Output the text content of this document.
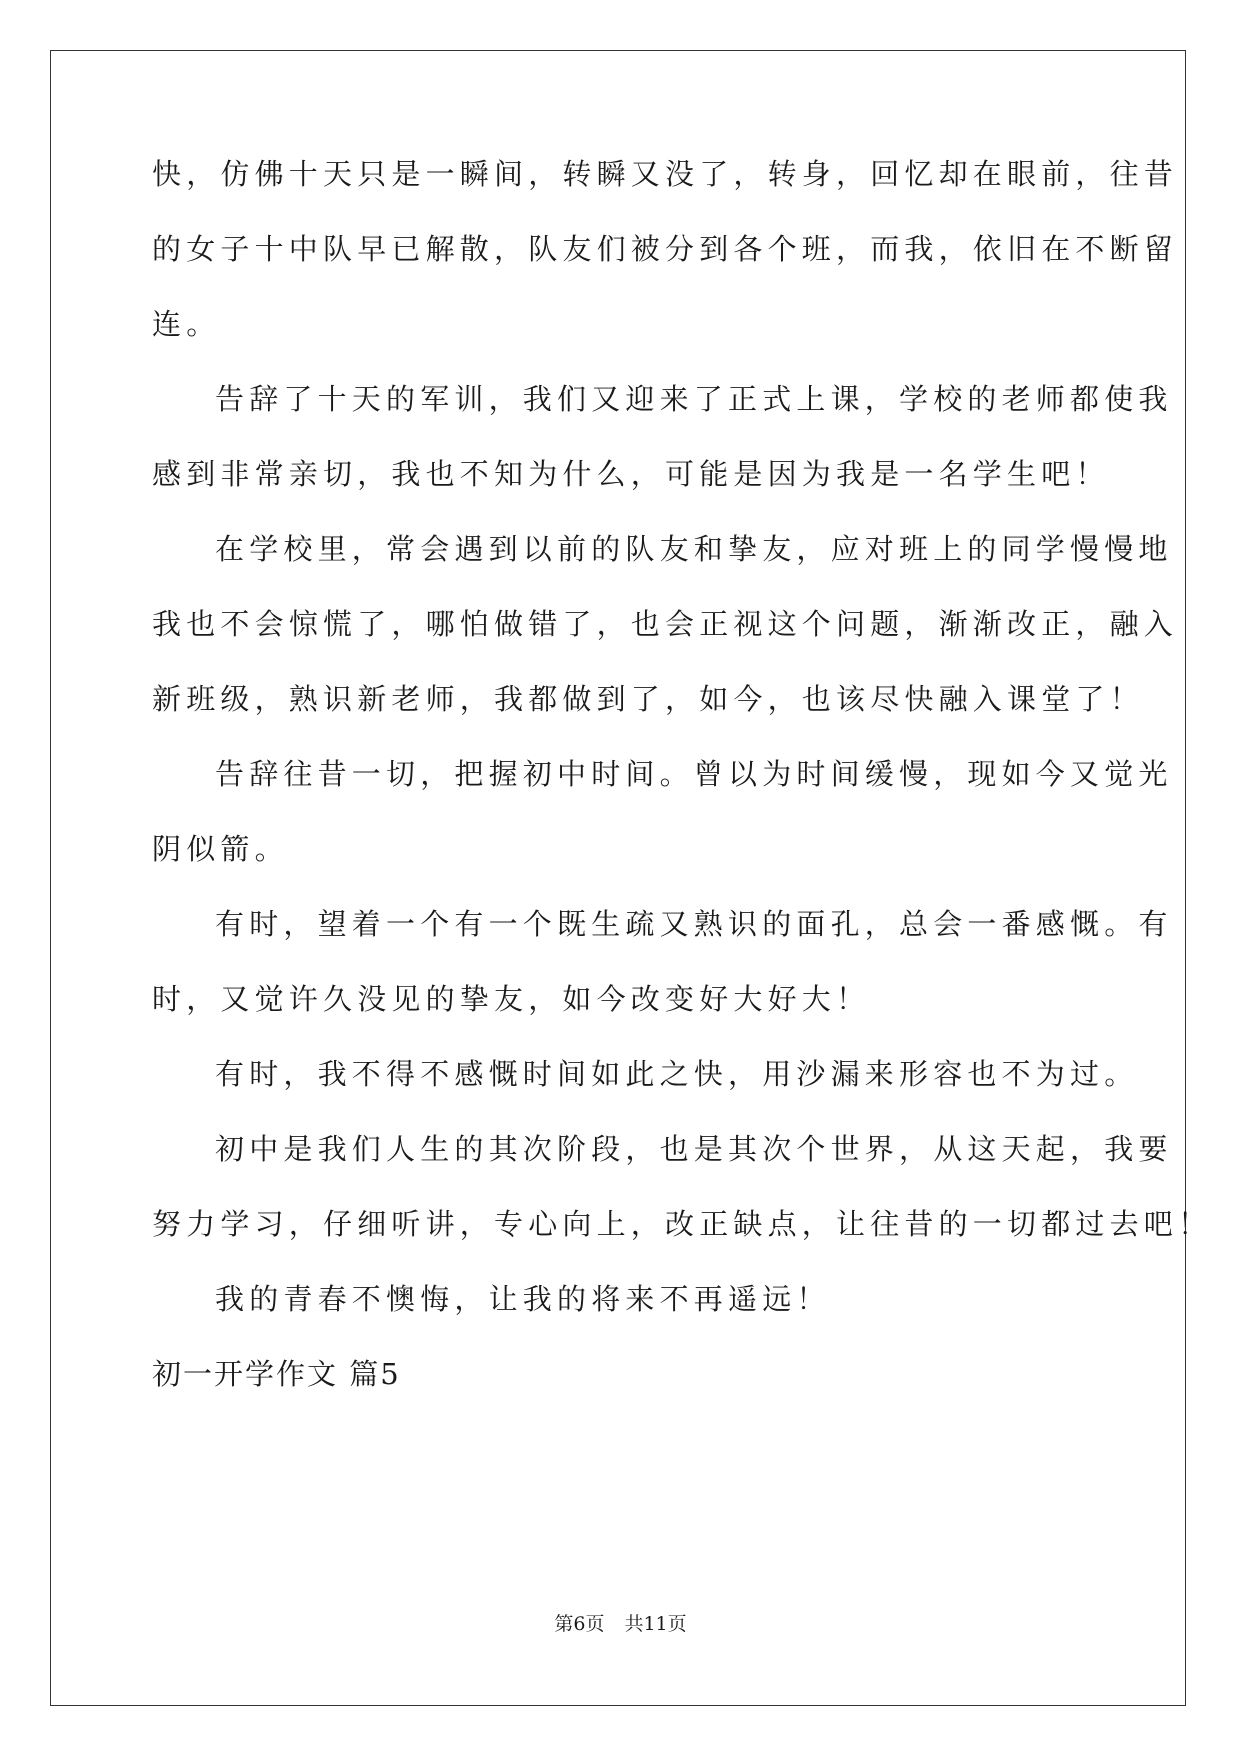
快，仿佛十天只是一瞬间，转瞬又没了，转身，回忆却在眼前，往昔
的女子十中队早已解散，队友们被分到各个班，而我，依旧在不断留
连。
告辞了十天的军训，我们又迎来了正式上课，学校的老师都使我
感到非常亲切，我也不知为什么，可能是因为我是一名学生吧！
在学校里，常会遇到以前的队友和挚友，应对班上的同学慢慢地
我也不会惊慌了，哪怕做错了，也会正视这个问题，渐渐改正，融入
新班级，熟识新老师，我都做到了，如今，也该尽快融入课堂了！
告辞往昔一切，把握初中时间。曾以为时间缓慢，现如今又觉光
阴似箭。
有时，望着一个有一个既生疏又熟识的面孔，总会一番感慨。有
时，又觉许久没见的挚友，如今改变好大好大！
有时，我不得不感慨时间如此之快，用沙漏来形容也不为过。
初中是我们人生的其次阶段，也是其次个世界，从这天起，我要
努力学习，仔细听讲，专心向上，改正缺点，让往昔的一切都过去吧！
我的青春不懊悔，让我的将来不再遥远！
初一开学作文 篇5
第6页 共11页
